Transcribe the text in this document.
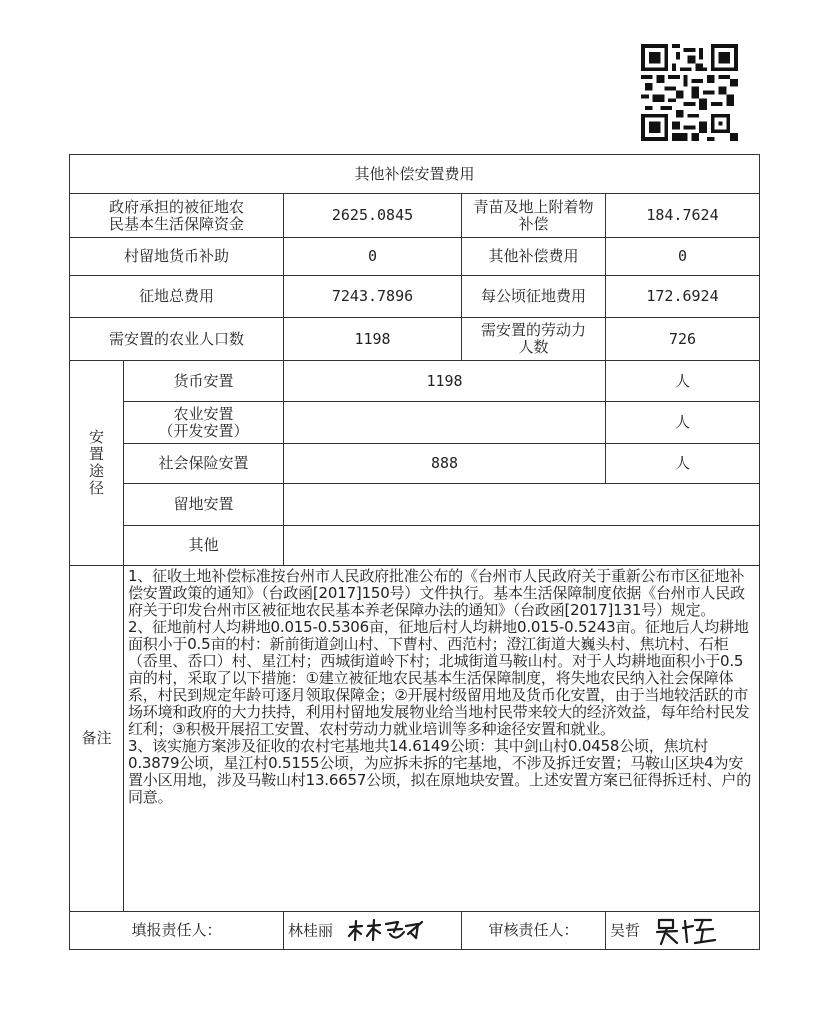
其他补偿安置费用				
政府承担的被征地农
民基本生活保障资金		2625.0845	青苗及地上附着物
补偿	184.7624
村留地货币补助		0	其他补偿费用	0
征地总费用		7243.7896	每公顷征地费用	172.6924
需安置的农业人口数		1198	需安置的劳动力
人数	726

安
置
途
径	货币安置	1198		人
	农业安置
（开发安置）			人
	社会保险安置	888		人
	留地安置			
	其他			
备注	1、征收土地补偿标准按台州市人民政府批准公布的《台州市人民政府关于重新公布市区征地补偿安置政策的通知》（台政函[2017]150号）文件执行。基本生活保障制度依据《台州市人民政府关于印发台州市区被征地农民基本养老保障办法的通知》（台政函[2017]131号）规定。

2、征地前村人均耕地0.015-0.5306亩，征地后村人均耕地0.015-0.5243亩。征地后人均耕地面积小于0.5亩的村：新前街道剑山村、下曹村、西范村；澄江街道大巍头村、焦坑村、石柜（岙里、岙口）村、星江村；西城街道岭下村；北城街道马鞍山村。对于人均耕地面积小于0.5亩的村，采取了以下措施：①建立被征地农民基本生活保障制度，将失地农民纳入社会保障体系，村民到规定年龄可逐月领取保障金；②开展村级留用地及货币化安置，由于当地较活跃的市场环境和政府的大力扶持，利用村留地发展物业给当地村民带来较大的经济效益，每年给村民发红利；③积极开展招工安置、农村劳动力就业培训等多种途径安置和就业。

3、该实施方案涉及征收的农村宅基地共14.6149公顷：其中剑山村0.0458公顷，焦坑村0.3879公顷，星江村0.5155公顷，为应拆未拆的宅基地，不涉及拆迁安置；马鞍山区块4为安置小区用地，涉及马鞍山村13.6657公顷，拟在原地块安置。上述安置方案已征得拆迁村、户的同意。			

填报责任人：		林桂丽	审核责任人：	吴哲
